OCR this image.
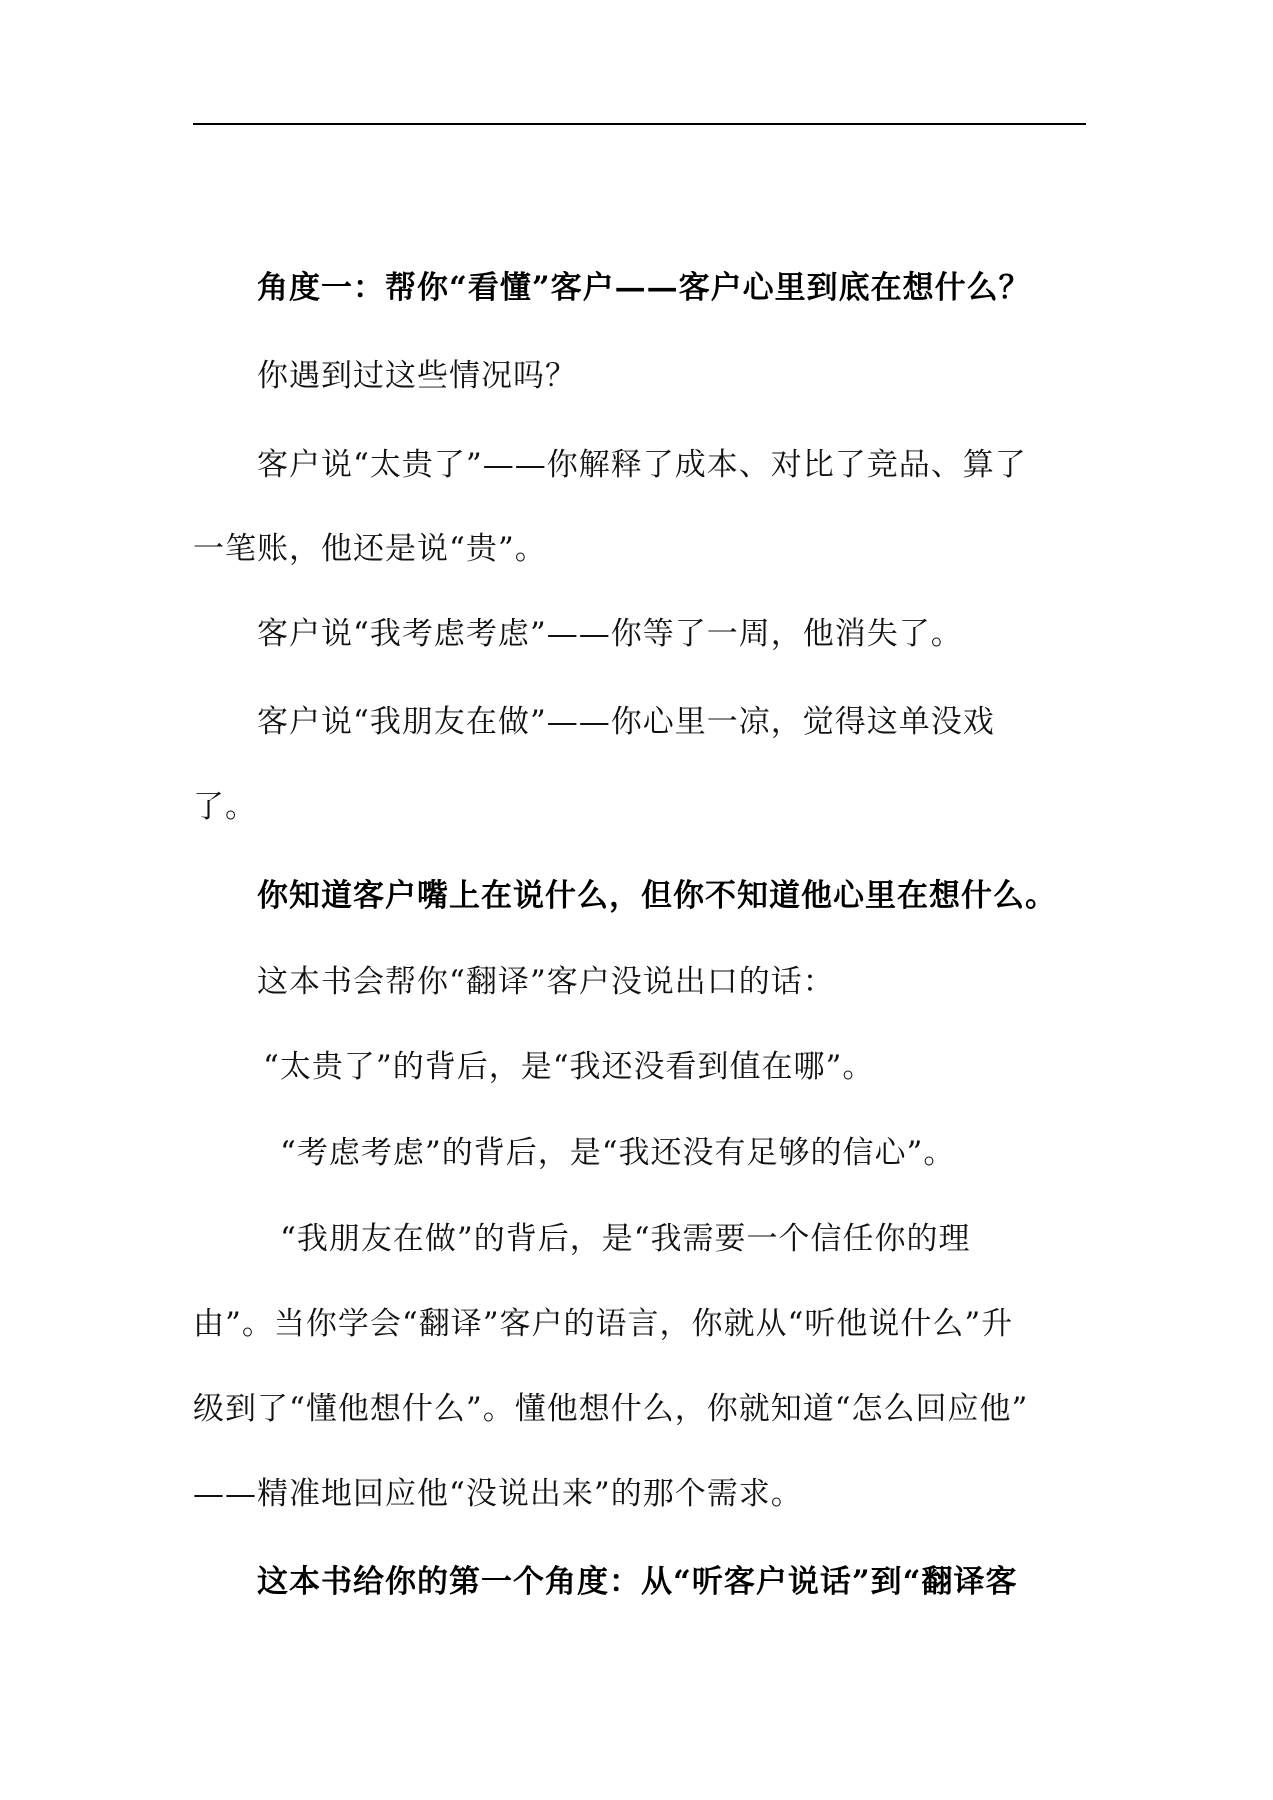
角度一：帮你“看懂”客户——客户心里到底在想什么？
你遇到过这些情况吗？
客户说“太贵了”——你解释了成本、对比了竞品、算了
一笔账，他还是说“贵”。
客户说“我考虑考虑”——你等了一周，他消失了。
客户说“我朋友在做”——你心里一凉，觉得这单没戏
了。
你知道客户嘴上在说什么，但你不知道他心里在想什么。
这本书会帮你“翻译”客户没说出口的话：
“太贵了”的背后，是“我还没看到值在哪”。
“考虑考虑”的背后，是“我还没有足够的信心”。
“我朋友在做”的背后，是“我需要一个信任你的理
由”。当你学会“翻译”客户的语言，你就从“听他说什么”升
级到了“懂他想什么”。懂他想什么，你就知道“怎么回应他”
——精准地回应他“没说出来”的那个需求。
这本书给你的第一个角度：从“听客户说话”到“翻译客
